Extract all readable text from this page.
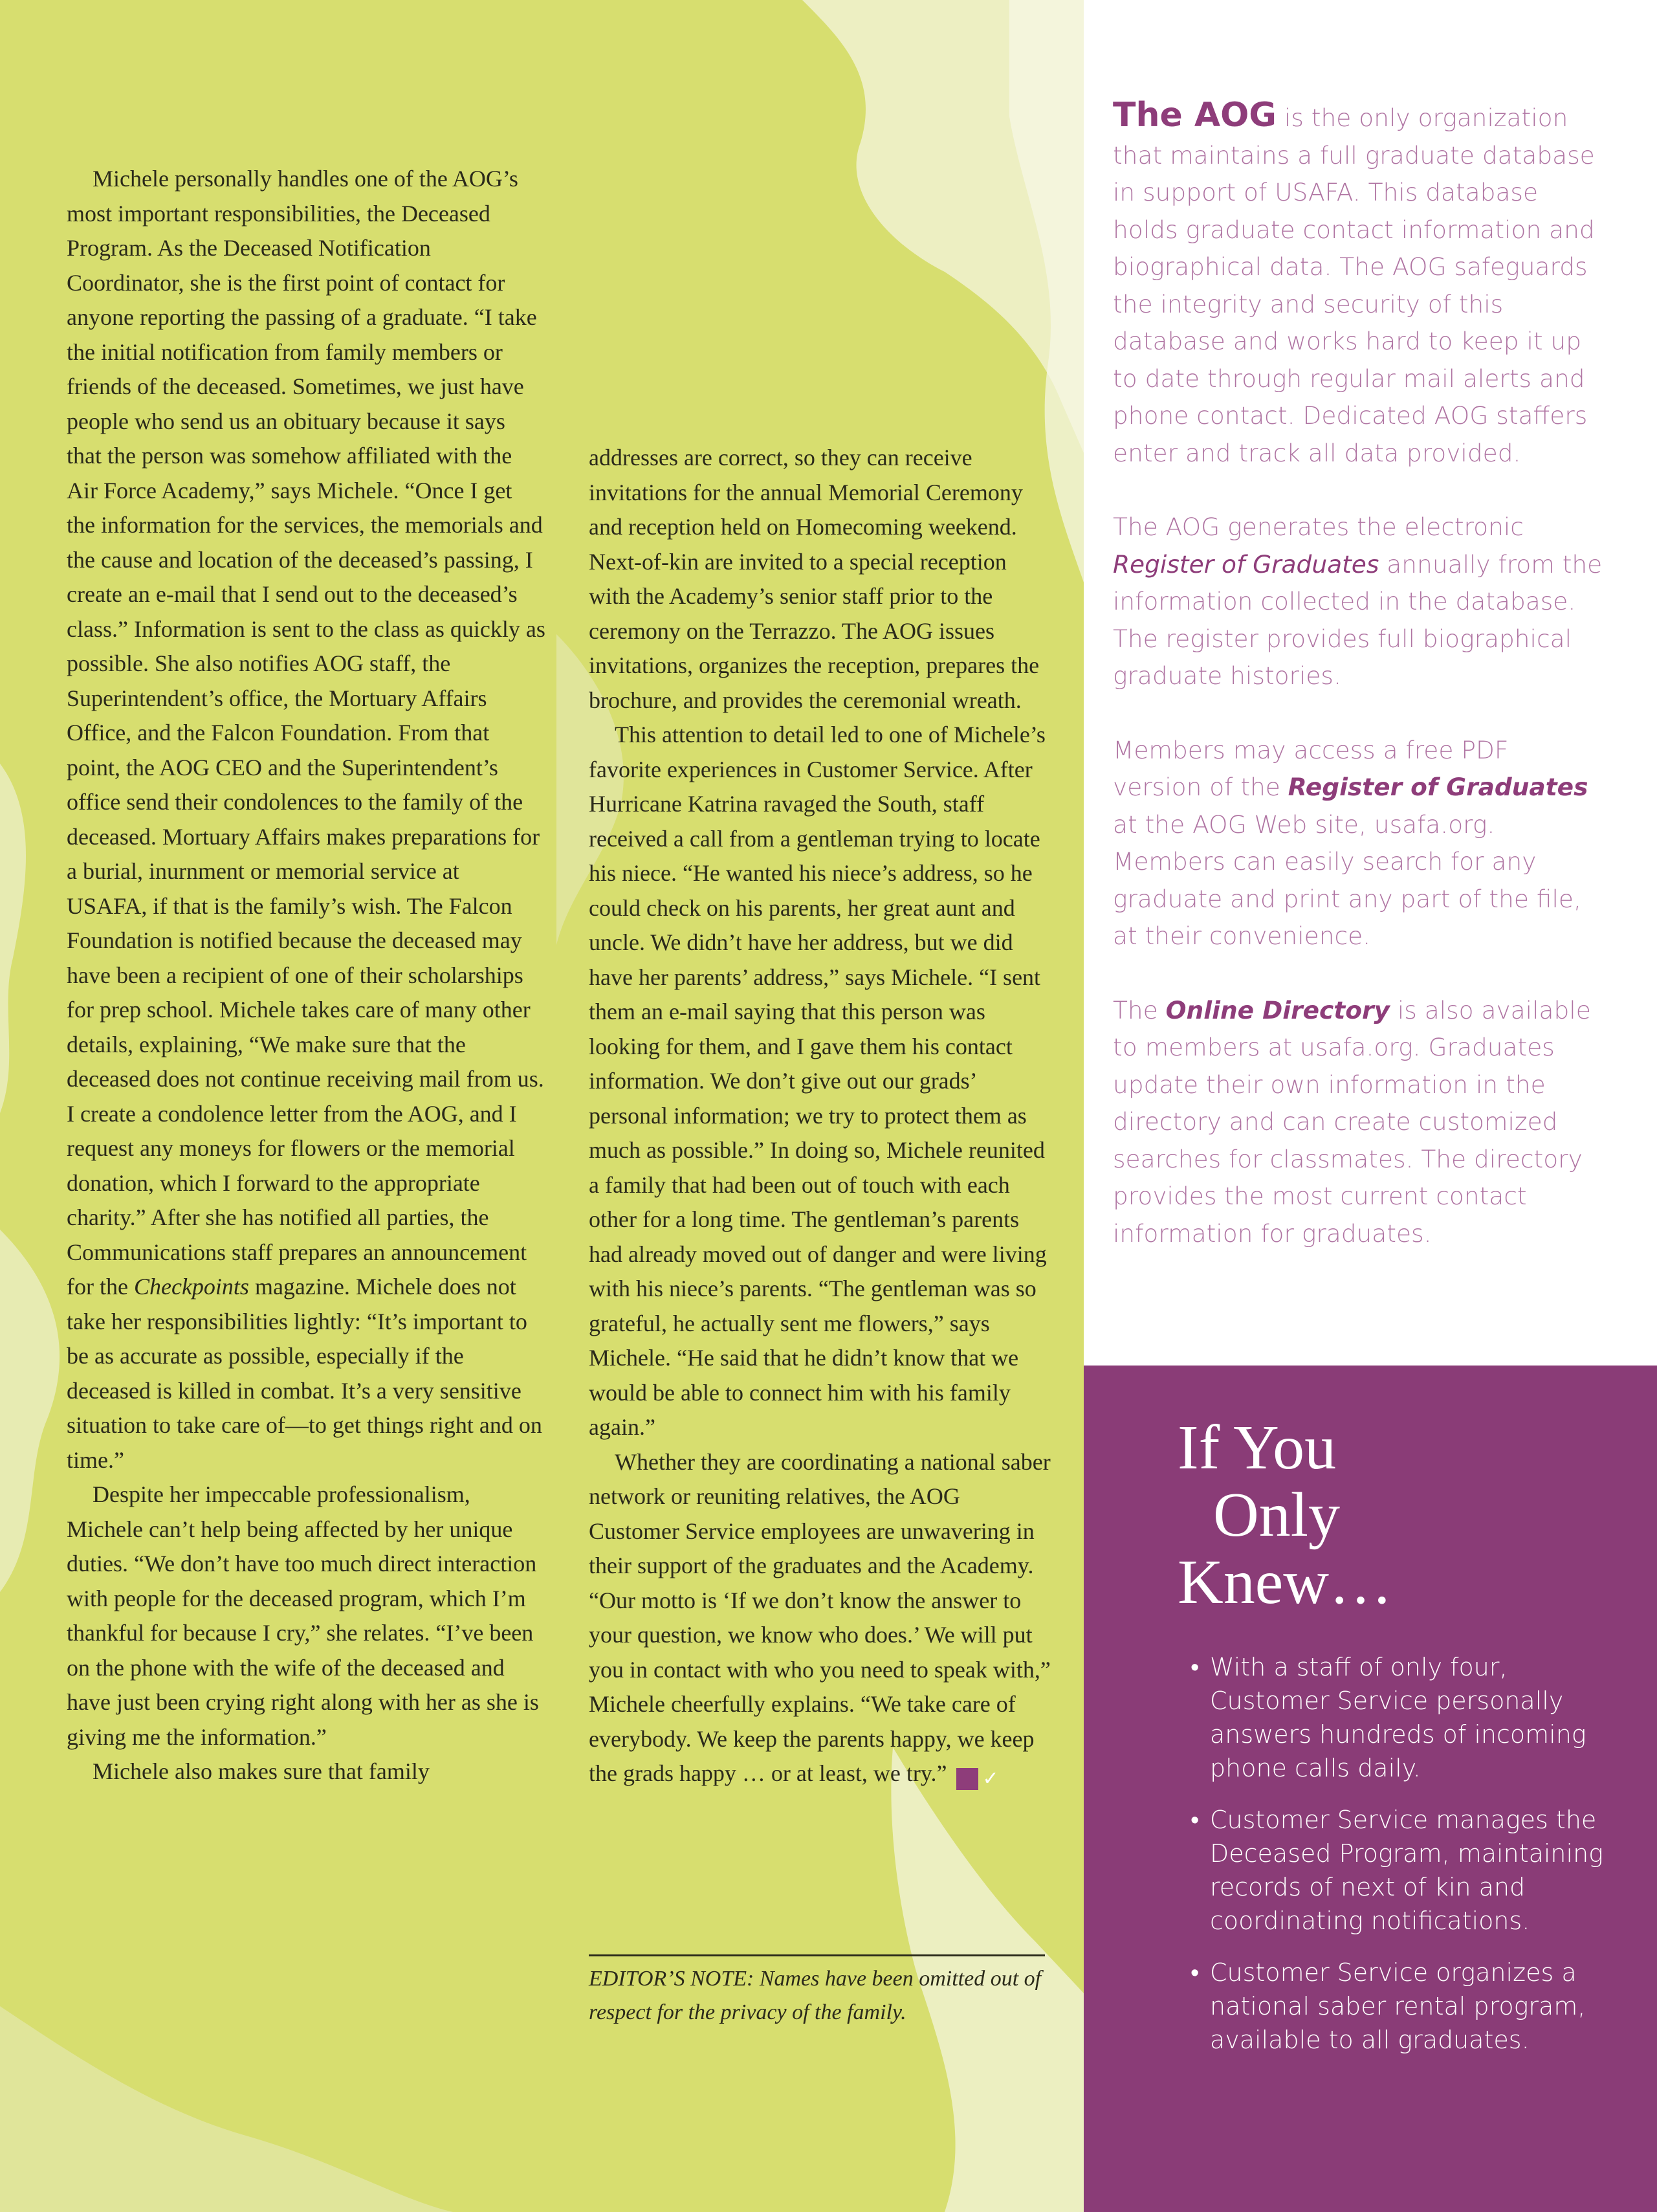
Michele personally handles one of the AOG’s most important responsibilities, the Deceased Program. As the Deceased Notification Coordinator, she is the first point of contact for anyone reporting the passing of a graduate. “I take the initial notification from family members or friends of the deceased. Sometimes, we just have people who send us an obituary because it says that the person was somehow affiliated with the Air Force Academy,” says Michele. “Once I get the information for the services, the memorials and the cause and location of the deceased’s passing, I create an e-mail that I send out to the deceased’s class.” Information is sent to the class as quickly as possible. She also notifies AOG staff, the Superintendent’s office, the Mortuary Affairs Office, and the Falcon Foundation. From that point, the AOG CEO and the Superintendent’s office send their condolences to the family of the deceased. Mortuary Affairs makes preparations for a burial, inurnment or memorial service at USAFA, if that is the family’s wish. The Falcon Foundation is notified because the deceased may have been a recipient of one of their scholarships for prep school. Michele takes care of many other details, explaining, “We make sure that the deceased does not continue receiving mail from us. I create a condolence letter from the AOG, and I request any moneys for flowers or the memorial donation, which I forward to the appropriate charity.” After she has notified all parties, the Communications staff prepares an announcement for the Checkpoints magazine. Michele does not take her responsibilities lightly: “It’s important to be as accurate as possible, especially if the deceased is killed in combat. It’s a very sensitive situation to take care of—to get things right and on time.”

Despite her impeccable professionalism, Michele can’t help being affected by her unique duties. “We don’t have too much direct interaction with people for the deceased program, which I’m thankful for because I cry,” she relates. “I’ve been on the phone with the wife of the deceased and have just been crying right along with her as she is giving me the information.”

Michele also makes sure that family

addresses are correct, so they can receive invitations for the annual Memorial Ceremony and reception held on Homecoming weekend. Next-of-kin are invited to a special reception with the Academy’s senior staff prior to the ceremony on the Terrazzo. The AOG issues invitations, organizes the reception, prepares the brochure, and provides the ceremonial wreath.

This attention to detail led to one of Michele’s favorite experiences in Customer Service. After Hurricane Katrina ravaged the South, staff received a call from a gentleman trying to locate his niece. “He wanted his niece’s address, so he could check on his parents, her great aunt and uncle. We didn’t have her address, but we did have her parents’ address,” says Michele. “I sent them an e-mail saying that this person was looking for them, and I gave them his contact information. We don’t give out our grads’ personal information; we try to protect them as much as possible.” In doing so, Michele reunited a family that had been out of touch with each other for a long time. The gentleman’s parents had already moved out of danger and were living with his niece’s parents. “The gentleman was so grateful, he actually sent me flowers,” says Michele. “He said that he didn’t know that we would be able to connect him with his family again.”

Whether they are coordinating a national saber network or reuniting relatives, the AOG Customer Service employees are unwavering in their support of the graduates and the Academy. “Our motto is ‘If we don’t know the answer to your question, we know who does.’ We will put you in contact with who you need to speak with,” Michele cheerfully explains. “We take care of everybody. We keep the parents happy, we keep the grads happy … or at least, we try.” ✓

EDITOR’S NOTE: Names have been omitted out of respect for the privacy of the family.

The AOG is the only organization that maintains a full graduate database in support of USAFA. This database holds graduate contact information and biographical data. The AOG safeguards the integrity and security of this database and works hard to keep it up to date through regular mail alerts and phone contact. Dedicated AOG staffers enter and track all data provided.

The AOG generates the electronic Register of Graduates annually from the information collected in the database. The register provides full biographical graduate histories.

Members may access a free PDF version of the Register of Graduates at the AOG Web site, usafa.org. Members can easily search for any graduate and print any part of the file, at their convenience.

The Online Directory is also available to members at usafa.org. Graduates update their own information in the directory and can create customized searches for classmates. The directory provides the most current contact information for graduates.

If You
Only
Knew…
• With a staff of only four, Customer Service personally answers hundreds of incoming phone calls daily.
• Customer Service manages the Deceased Program, maintaining records of next of kin and coordinating notifications.
• Customer Service organizes a national saber rental program, available to all graduates.
